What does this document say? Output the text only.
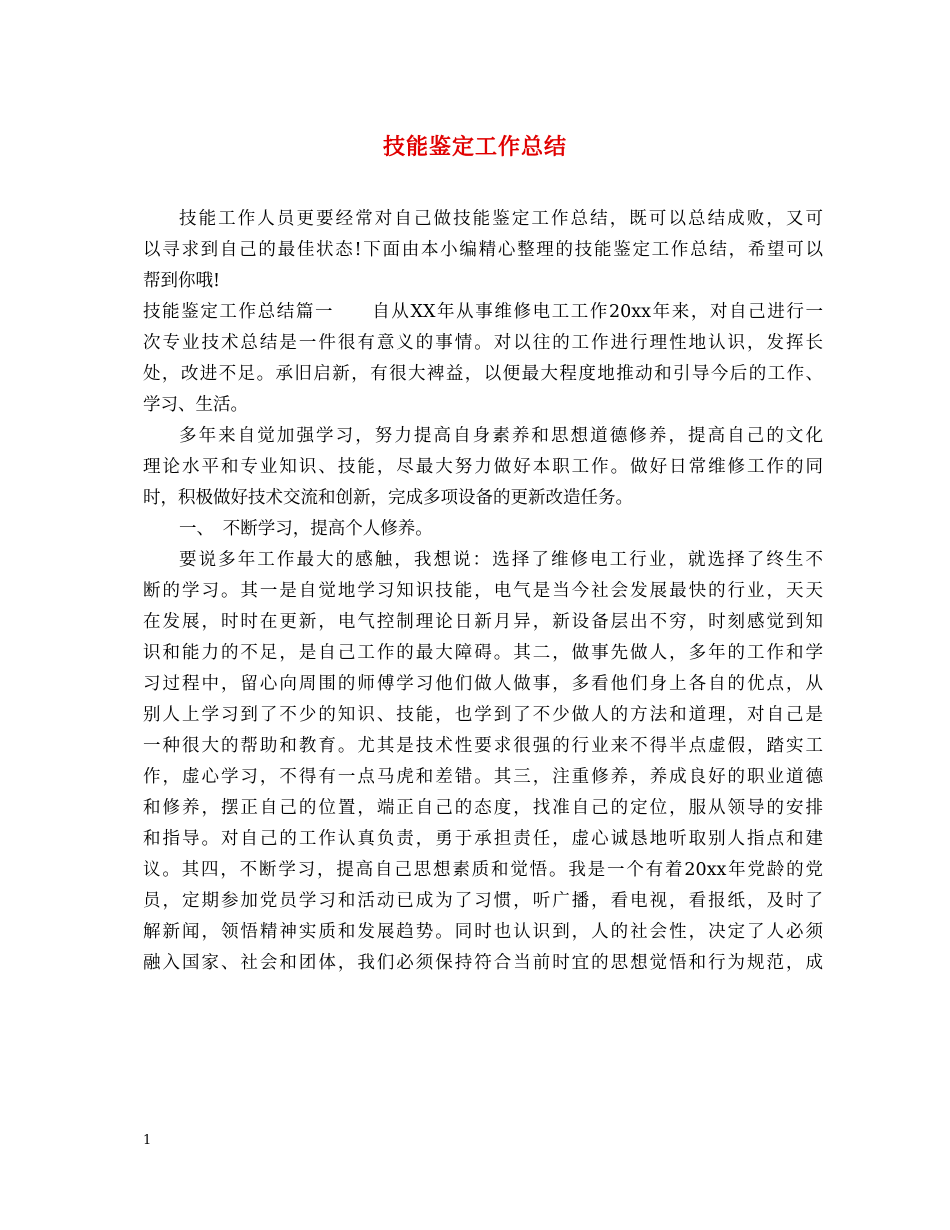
技能鉴定工作总结
技能工作人员更要经常对自己做技能鉴定工作总结，既可以总结成败，又可
以寻求到自己的最佳状态!下面由本小编精心整理的技能鉴定工作总结，希望可以
帮到你哦!
技能鉴定工作总结篇一　　自从XX年从事维修电工工作20xx年来，对自己进行一
次专业技术总结是一件很有意义的事情。对以往的工作进行理性地认识，发挥长
处，改进不足。承旧启新，有很大裨益，以便最大程度地推动和引导今后的工作、
学习、生活。
多年来自觉加强学习，努力提高自身素养和思想道德修养，提高自己的文化
理论水平和专业知识、技能，尽最大努力做好本职工作。做好日常维修工作的同
时，积极做好技术交流和创新，完成多项设备的更新改造任务。
一、　不断学习，提高个人修养。
要说多年工作最大的感触，我想说：选择了维修电工行业，就选择了终生不
断的学习。其一是自觉地学习知识技能，电气是当今社会发展最快的行业，天天
在发展，时时在更新，电气控制理论日新月异，新设备层出不穷，时刻感觉到知
识和能力的不足，是自己工作的最大障碍。其二，做事先做人，多年的工作和学
习过程中，留心向周围的师傅学习他们做人做事，多看他们身上各自的优点，从
别人上学习到了不少的知识、技能，也学到了不少做人的方法和道理，对自己是
一种很大的帮助和教育。尤其是技术性要求很强的行业来不得半点虚假，踏实工
作，虚心学习，不得有一点马虎和差错。其三，注重修养，养成良好的职业道德
和修养，摆正自己的位置，端正自己的态度，找准自己的定位，服从领导的安排
和指导。对自己的工作认真负责，勇于承担责任，虚心诚恳地听取别人指点和建
议。其四，不断学习，提高自己思想素质和觉悟。我是一个有着20xx年党龄的党
员，定期参加党员学习和活动已成为了习惯，听广播，看电视，看报纸，及时了
解新闻，领悟精神实质和发展趋势。同时也认识到，人的社会性，决定了人必须
融入国家、社会和团体，我们必须保持符合当前时宜的思想觉悟和行为规范，成
1
